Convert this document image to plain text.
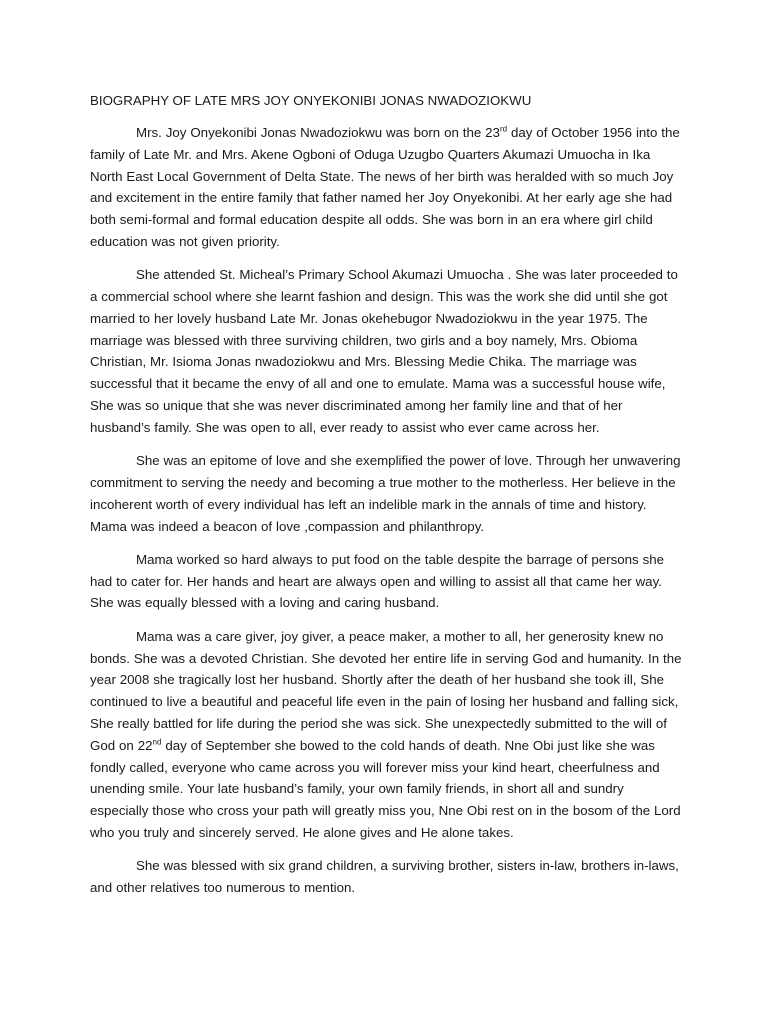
BIOGRAPHY OF LATE MRS JOY ONYEKONIBI JONAS NWADOZIOKWU

Mrs. Joy Onyekonibi Jonas Nwadoziokwu was born on the 23rd day of October 1956 into the family of Late Mr. and Mrs. Akene Ogboni of Oduga Uzugbo Quarters Akumazi Umuocha in Ika North East Local Government of Delta State. The news of her birth was heralded with so much Joy and excitement in the entire family that father named her Joy Onyekonibi. At her early age she had both semi-formal and formal education despite all odds. She was born in an era where girl child education was not given priority.

She attended St. Micheal’s Primary School Akumazi Umuocha . She was later proceeded to a commercial school where she learnt fashion and design. This was the work she did until she got married to her lovely husband Late Mr. Jonas okehebugor Nwadoziokwu in the year 1975. The marriage was blessed with three surviving children, two girls and a boy namely, Mrs. Obioma Christian, Mr. Isioma Jonas nwadoziokwu and Mrs. Blessing Medie Chika. The marriage was successful that it became the envy of all and one to emulate. Mama was a successful house wife, She was so unique that she was never discriminated among her family line and that of her husband’s family. She was open to all, ever ready to assist who ever came across her.

She was an epitome of love and she exemplified the power of love. Through her unwavering commitment to serving the needy and becoming a true mother to the motherless. Her believe in the incoherent worth of every individual has left an indelible mark in the annals of time and history. Mama was indeed a beacon of love ,compassion and philanthropy.

Mama worked so hard always to put food on the table despite the barrage of persons she had to cater for. Her hands and heart are always open and willing to assist all that came her way. She was equally blessed with a loving and caring husband.

Mama was a care giver, joy giver, a peace maker, a mother to all, her generosity knew no bonds. She was a devoted Christian. She devoted her entire life in serving God and humanity. In the year 2008 she tragically lost her husband. Shortly after the death of her husband she took ill, She continued to live a beautiful and peaceful life even in the pain of losing her husband and falling sick, She really battled for life during the period she was sick. She unexpectedly submitted to the will of God on 22nd day of September she bowed to the cold hands of death. Nne Obi just like she was fondly called, everyone who came across you will forever miss your kind heart, cheerfulness and unending smile. Your late husband’s family, your own family friends, in short all and sundry especially those who cross your path will greatly miss you, Nne Obi rest on in the bosom of the Lord who you truly and sincerely served. He alone gives and He alone takes.

She was blessed with six grand children, a surviving brother, sisters in-law, brothers in-laws, and other relatives too numerous to mention.
